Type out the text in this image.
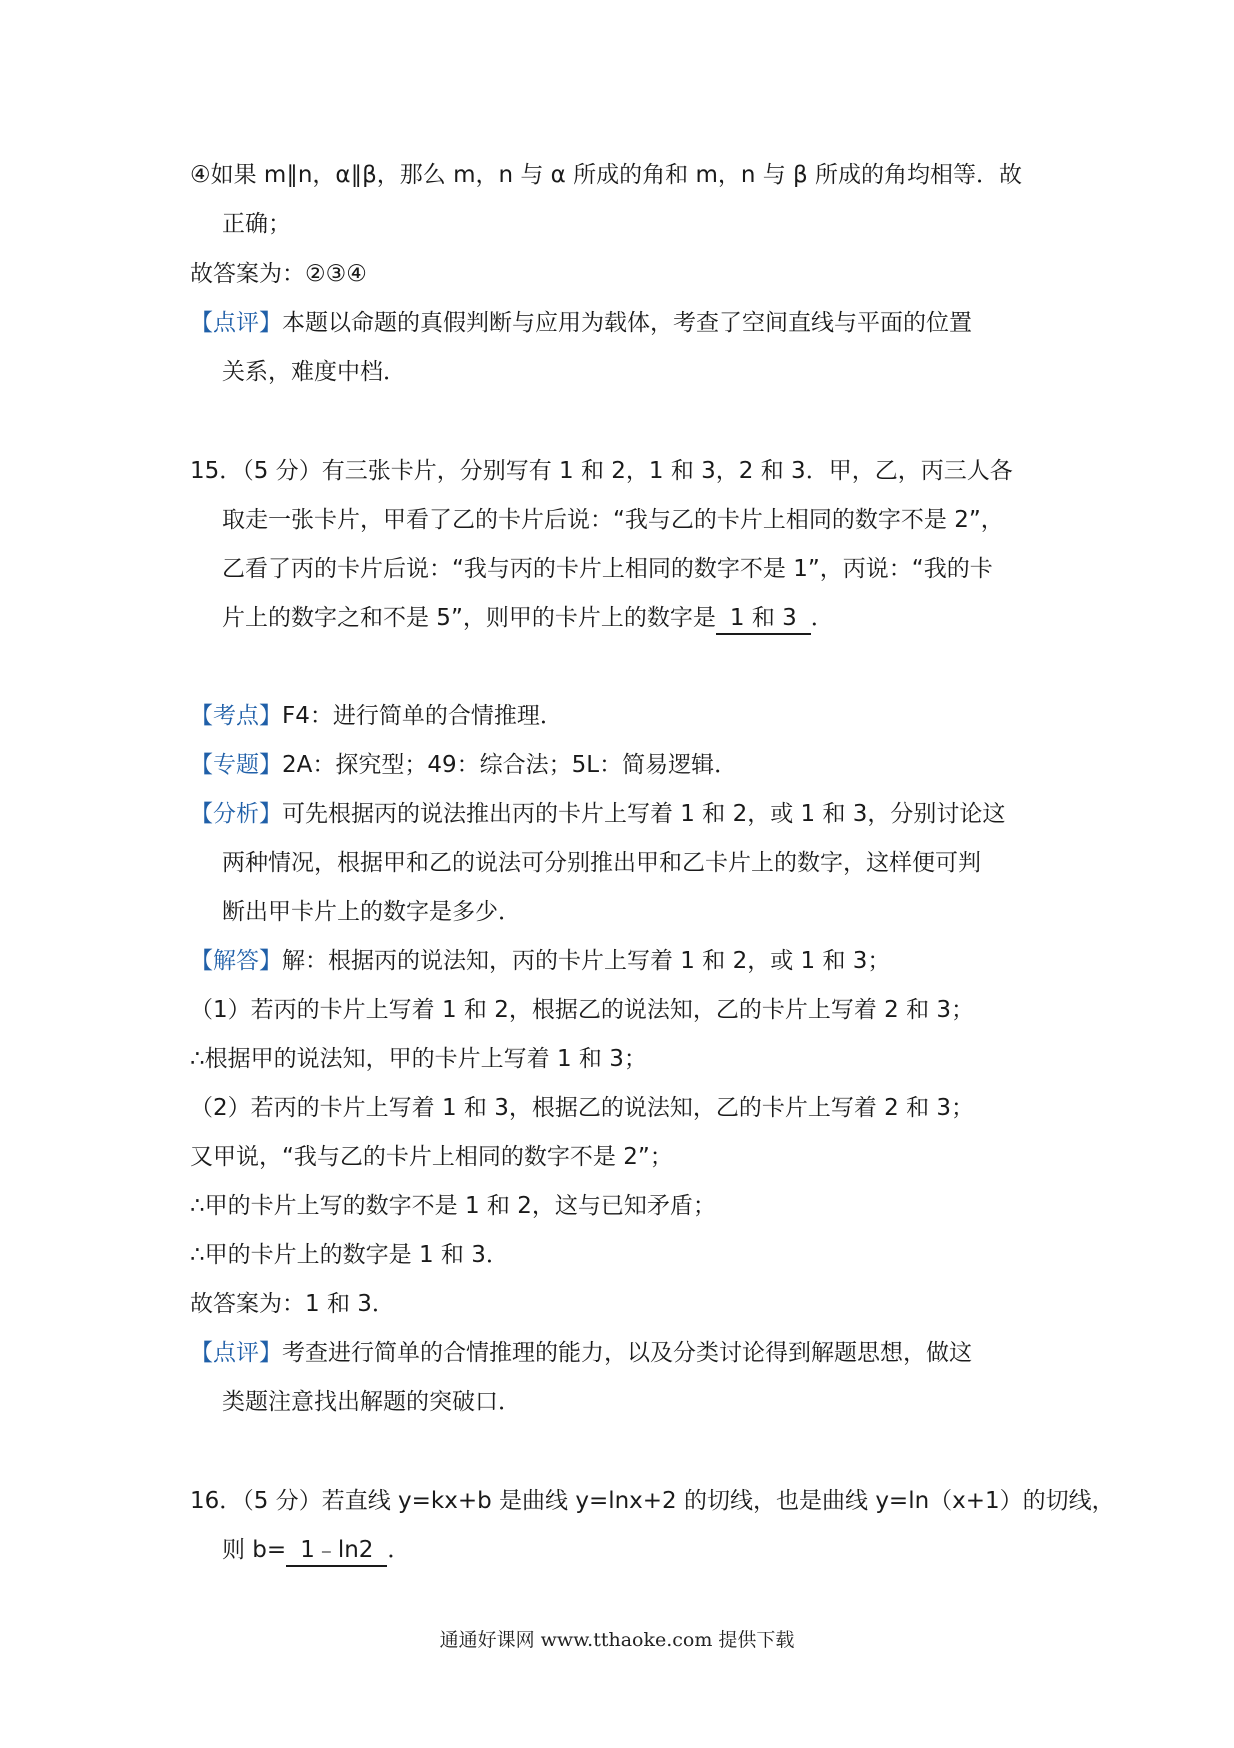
④如果 m∥n，α∥β，那么 m，n 与 α 所成的角和 m，n 与 β 所成的角均相等．故
正确；
故答案为：②③④
【点评】本题以命题的真假判断与应用为载体，考查了空间直线与平面的位置
关系，难度中档．
15．（5 分）有三张卡片，分别写有 1 和 2，1 和 3，2 和 3．甲，乙，丙三人各
取走一张卡片，甲看了乙的卡片后说：“我与乙的卡片上相同的数字不是 2”，
乙看了丙的卡片后说：“我与丙的卡片上相同的数字不是 1”，丙说：“我的卡
片上的数字之和不是 5”，则甲的卡片上的数字是 1 和 3 ．
【考点】F4：进行简单的合情推理．
【专题】2A：探究型；49：综合法；5L：简易逻辑．
【分析】可先根据丙的说法推出丙的卡片上写着 1 和 2，或 1 和 3，分别讨论这
两种情况，根据甲和乙的说法可分别推出甲和乙卡片上的数字，这样便可判
断出甲卡片上的数字是多少．
【解答】解：根据丙的说法知，丙的卡片上写着 1 和 2，或 1 和 3；
（1）若丙的卡片上写着 1 和 2，根据乙的说法知，乙的卡片上写着 2 和 3；
∴根据甲的说法知，甲的卡片上写着 1 和 3；
（2）若丙的卡片上写着 1 和 3，根据乙的说法知，乙的卡片上写着 2 和 3；
又甲说，“我与乙的卡片上相同的数字不是 2”；
∴甲的卡片上写的数字不是 1 和 2，这与已知矛盾；
∴甲的卡片上的数字是 1 和 3．
故答案为：1 和 3．
【点评】考查进行简单的合情推理的能力，以及分类讨论得到解题思想，做这
类题注意找出解题的突破口．
16．（5 分）若直线 y=kx+b 是曲线 y=lnx+2 的切线，也是曲线 y=ln（x+1）的切线，
则 b= 1﹣ln2 ．
通通好课网 www.tthaoke.com 提供下载
